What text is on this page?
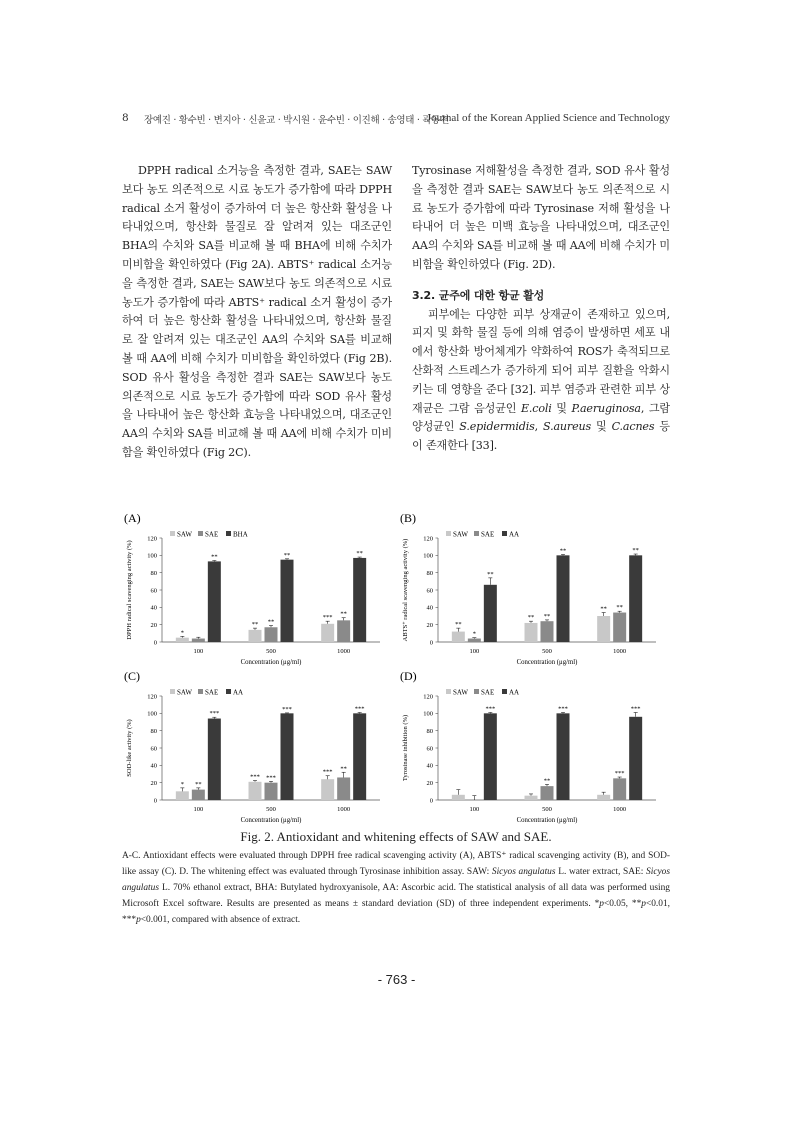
8 장예진 · 황수빈 · 변지아 · 신윤교 · 박시원 · 윤수빈 · 이진해 · 송영태 · 곽동천
Journal of the Korean Applied Science and Technology

DPPH radical 소거능을 측정한 결과, SAE는 SAW보다 농도 의존적으로 시료 농도가 증가함에 따라 DPPH radical 소거 활성이 증가하여 더 높은 항산화 활성을 나타내었으며, 항산화 물질로 잘 알려져 있는 대조군인 BHA의 수치와 SA를 비교해 볼 때 BHA에 비해 수치가 미비함을 확인하였다 (Fig 2A). ABTS⁺ radical 소거능을 측정한 결과, SAE는 SAW보다 농도 의존적으로 시료 농도가 증가함에 따라 ABTS⁺ radical 소거 활성이 증가하여 더 높은 항산화 활성을 나타내었으며, 항산화 물질로 잘 알려져 있는 대조군인 AA의 수치와 SA를 비교해 볼 때 AA에 비해 수치가 미비함을 확인하였다 (Fig 2B). SOD 유사 활성을 측정한 결과 SAE는 SAW보다 농도 의존적으로 시료 농도가 증가함에 따라 SOD 유사 활성을 나타내어 높은 항산화 효능을 나타내었으며, 대조군인 AA의 수치와 SA를 비교해 볼 때 AA에 비해 수치가 미비함을 확인하였다 (Fig 2C).

Tyrosinase 저해활성을 측정한 결과, SOD 유사 활성을 측정한 결과 SAE는 SAW보다 농도 의존적으로 시료 농도가 증가함에 따라 Tyrosinase 저해 활성을 나타내어 더 높은 미백 효능을 나타내었으며, 대조군인 AA의 수치와 SA를 비교해 볼 때 AA에 비해 수치가 미비함을 확인하였다 (Fig. 2D).

3.2. 균주에 대한 항균 활성

피부에는 다양한 피부 상재균이 존재하고 있으며, 피지 및 화학 물질 등에 의해 염증이 발생하면 세포 내에서 항산화 방어체계가 약화하여 ROS가 축적되므로 산화적 스트레스가 증가하게 되어 피부 질환을 악화시키는 데 영향을 준다 [32]. 피부 염증과 관련한 피부 상재균은 그람 음성균인 E.coli 및 P.aeruginosa, 그람 양성균인 S.epidermidis, S.aureus 및 C.acnes 등이 존재한다 [33].

(A)
SAW SAE BHA
0
20
40
60
80
100
120
DPPH radical scavenging activity (%)	*
**
100
** **
**
500
*** **
**
1000
Concentration (μg/ml)
(B)
SAW SAE AA
0
20
40
60
80
100
120
ABTS⁺ radical scavenging activity (%)	**
*
**
100
** **
**
500
** **
**
1000
Concentration (μg/ml)
(C)
SAW SAE AA
0
20
40
60
80
100
120
SOD-like activity (%)
* **
***
100
*** ***
***
500
*** **
***
1000
Concentration (μg/ml)
(D)
SAW SAE AA
0
20
40
60
80
100
120
Tyrosinase inhibition (%)
***
100
**
***
500
***
***
1000
Concentration (μg/ml)
Fig. 2. Antioxidant and whitening effects of SAW and SAE.
A-C. Antioxidant effects were evaluated through DPPH free radical scavenging activity (A), ABTS⁺ radical scavenging activity (B), and SOD-like assay (C). D. The whitening effect was evaluated through Tyrosinase inhibition assay. SAW: Sicyos angulatus L. water extract, SAE: Sicyos angulatus L. 70% ethanol extract, BHA: Butylated hydroxyanisole, AA: Ascorbic acid. The statistical analysis of all data was performed using Microsoft Excel software. Results are presented as means ± standard deviation (SD) of three independent experiments. *p<0.05, **p<0.01, ***p<0.001, compared with absence of extract.
- 763 -
